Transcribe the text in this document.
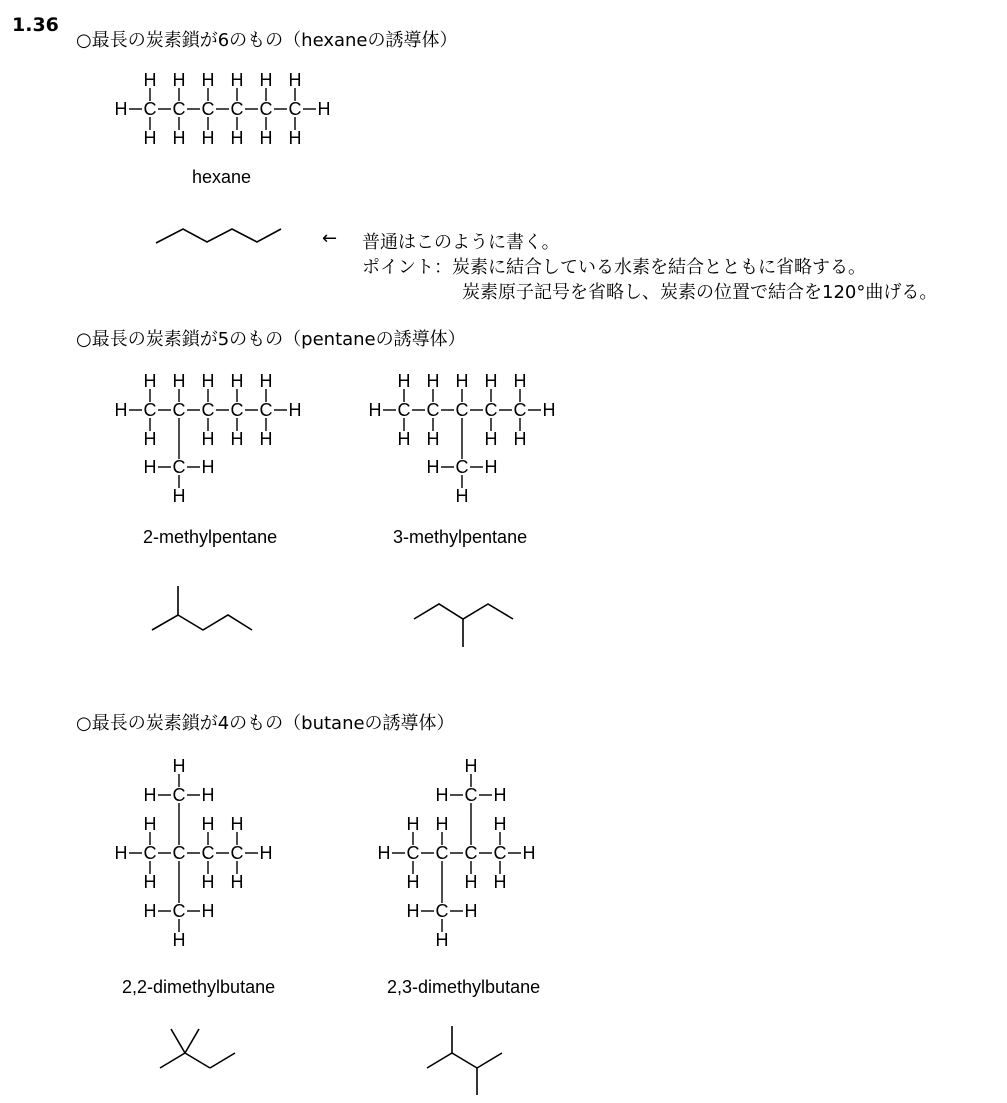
1.36
○最長の炭素鎖が6のもの（hexaneの誘導体）
hexane
← 普通はこのように書く。
ポイント：炭素に結合している水素を結合とともに省略する。
炭素原子記号を省略し、炭素の位置で結合を120°曲げる。
○最長の炭素鎖が5のもの（pentaneの誘導体）
2-methylpentane	3-methylpentane
○最長の炭素鎖が4のもの（butaneの誘導体）
2,2-dimethylbutane	2,3-dimethylbutane
C C C C C C
H	H
H
H
H
H
H
H
H
H
H
H
H
H
C C C C C
H	H
H
H
H H
H
H
H
H
H
C
H	H
H
C C C C C
H	H
H
H
H
H
H H
H
H
H
C
H	H
H
C C C C
H	H
H
H
H
H
H
H
C
H	H
H
C
H	H
H
C C C C
H	H
H
H
H
H
H
H
C
H	H
H
C
H	H
H
